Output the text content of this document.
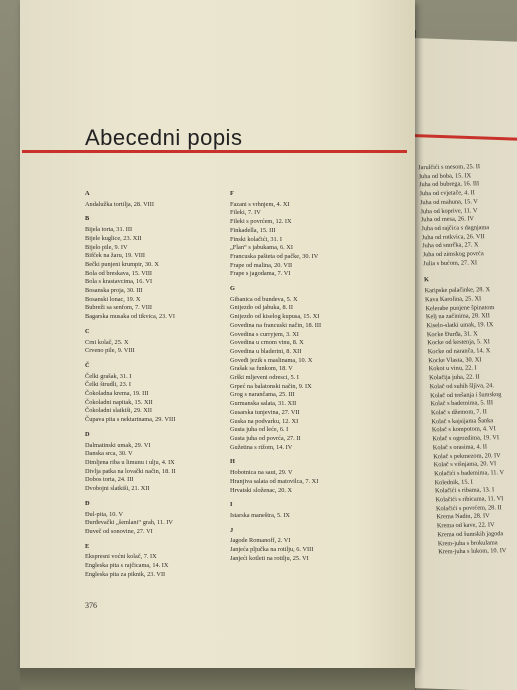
Jarulčići s mesom, 25. II
Juha od boba, 15. IX
Juha od bubrega, 16. III
Juha od cvjetače, 4. II
Juha od mahuna, 15. V
Juha od koprive, 11. V
Juha od mesa, 26. IV
Juha od rajčica s dagnjama
Juha od rotkvica, 26. VII
Juha od smrčka, 27. X
Juha od zimskog povrća
Julia s bućom, 27. XI
K
Karipske palačinke, 28. X
Kava Karolina, 25. XI
Kelerabe punjene špinatom
Kelj na začinima, 28. XII
Kiselo-slatki umak, 19. IX
Kocke Đurđa, 31. X
Kocke od kestenja, 5. XI
Kocke od naranča, 14. X
Kocke Vlasta, 30. XI
Kokot u vinu, 22. I
Kolačija juha, 22. II
Kolač od suhih šljiva, 24.
Kolač od trešanja i šumskog
Kolač s bademima, 5. III
Kolač s džemom, 7. II
Kolač s kajsijama Šanka
Kolač s kompotom, 4. VI
Kolač s ogrozdima, 19. VI
Kolač s orasima, 4. II
Kolač s pekmezom, 20. IV
Kolač s višnjama, 20. VI
Kolačići s bademima, 11. V
Kolednik, 15. I
Kolačići s ribama, 13. I
Kolačići s ribicama, 11. VI
Kolačići s povrćem, 28. II
Krema Nadin, 28. IV
Krema od kave, 22. IV
Krema od šumskih jagoda
Krem-juha s brokulama
Krem-juha s lukom, 10. IV
Abecedni popis
A
Andalužka tortilja, 28. VIII
B
Bijela torta, 31. III
Bijele kuglice, 23. XII
Bijelo pile, 9. IV
Bifček na žaru, 19. VIII
Bečki punjeni krumpir, 30. X
Bola od breskava, 15. VIII
Bola s krastavcima, 16. VI
Bosanska proja, 30. III
Bosanski lonac, 19. X
Bubreži sa senfom, 7. VIII
Bagarska musaka od tikvica, 23. VI
C
Crni kolač, 25. X
Crveno pile, 9. VIII
Č
Čelki grašak, 31. I
Čelki štrudli, 23. I
Čokoladna krema, 19. III
Čokoladni napitak, 15. XII
Čokoladni slatkiši, 29. XII
Čupava pita s nektarinama, 29. VIII
D
Dalmatinski umak, 29. VI
Danska srca, 30. V
Dimljena riba u limunu i ulju, 4. IX
Divlja patka na lovački način, 18. II
Dobos torta, 24. III
Dvobojni slatkiši, 21. XII
Đ
Đul-pita, 10. V
Đurđevački „šemlani“ grah, 11. IV
Đuveč od sonovine, 27. VI
E
Ekspresni voćni kolač, 7. IX
Engleska pita s rajčicama, 14. IX
Engleska pita za piknik, 23. VII
F
Fazani s vrhnjem, 4. XI
Fileki, 7. IV
Fileki s povrćem, 12. IX
Finkadella, 15. III
Finski kolačići, 31. I
„Flan“ s jabukama, 6. XI
Francuska pašteta od pačke, 30. IV
Frape od malina, 20. VII
Frape s jagodama, 7. VI
G
Gibanica od bundeva, 5. X
Gnijezdo od jabuka, 8. II
Gnijezdo od kiselog kupusa, 15. XI
Govedina na francuski način, 18. III
Govedina s curryjem, 3. XI
Govedina u crnom vinu, 8. X
Govedina u bladerini, 8. XII
Goveđi jezik s maslinama, 10. X
Grašak sa funkom, 18. V
Grški mljeveni odresci, 5. I
Grpeć na balatonski način, 9. IX
Grog s narančama, 25. III
Gurmanska salata, 31. XII
Gusarska tunjevina, 27. VII
Guska na podvarku, 12. XI
Gusta juha od leće, 6. I
Gusta juha od povrća, 27. II
Gužetina s rižom, 14. IV
H
Hobotnica na saut, 29. V
Hranjiva salata od matovilca, 7. XI
Hrvatski složenac, 20. X
I
Istarska maneštra, 5. IX
J
Jagode Romanoff, 2. VI
Janjeća pljučka na rotilju, 6. VIII
Janjeći kotleti na rotilju, 25. VI
376
